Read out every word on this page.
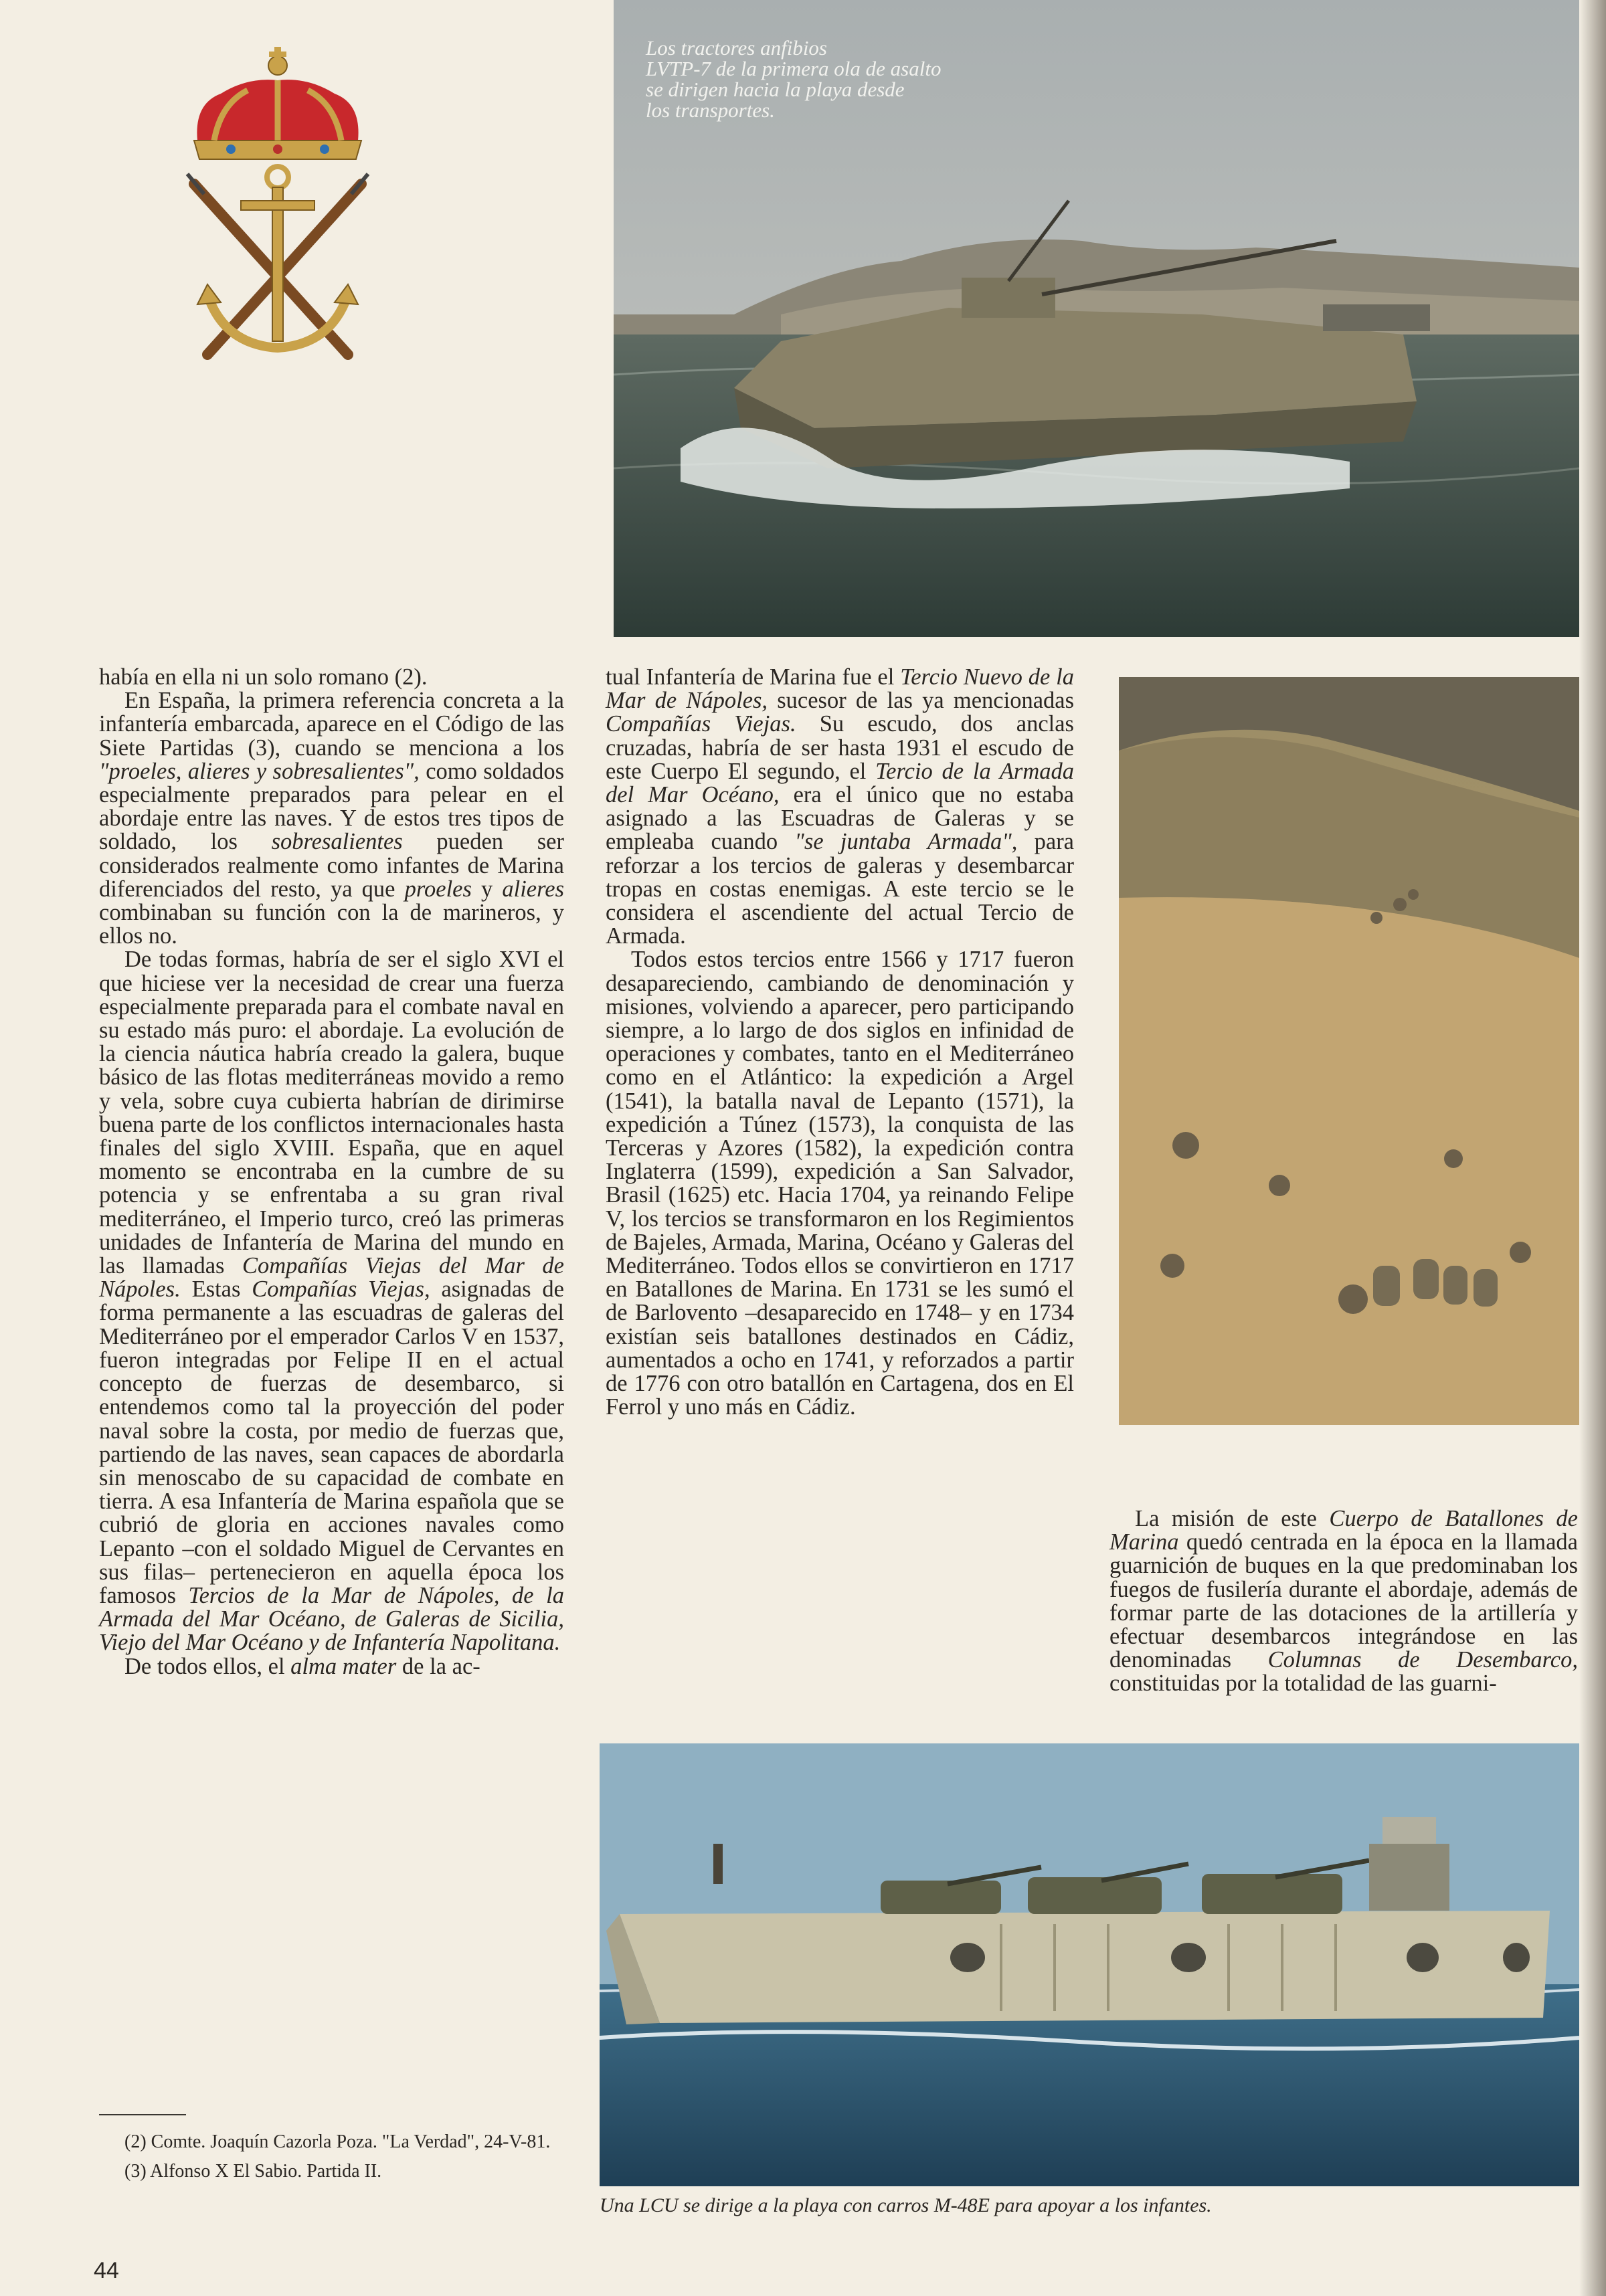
Los tractores anfibios
LVTP-7 de la primera ola de asalto
se dirigen hacia la playa desde
los transportes.
Una LCU se dirige a la playa con carros M-48E para apoyar a los infantes.

había en ella ni un solo romano (2).

En España, la primera referencia concreta a la infantería embarcada, aparece en el Código de las Siete Partidas (3), cuando se menciona a los "proeles, alieres y sobresalientes", como soldados especialmente preparados para pelear en el abordaje entre las naves. Y de estos tres tipos de soldado, los sobresalientes pueden ser considerados realmente como infantes de Marina diferenciados del resto, ya que proeles y alieres combinaban su función con la de marineros, y ellos no.

De todas formas, habría de ser el siglo XVI el que hiciese ver la necesidad de crear una fuerza especialmente preparada para el combate naval en su estado más puro: el abordaje. La evolución de la ciencia náutica habría creado la galera, buque básico de las flotas mediterráneas movido a remo y vela, sobre cuya cubierta habrían de dirimirse buena parte de los conflictos internacionales hasta finales del siglo XVIII. España, que en aquel momento se encontraba en la cumbre de su potencia y se enfrentaba a su gran rival mediterráneo, el Imperio turco, creó las primeras unidades de Infantería de Marina del mundo en las llamadas Compañías Viejas del Mar de Nápoles. Estas Compañías Viejas, asignadas de forma permanente a las escuadras de galeras del Mediterráneo por el emperador Carlos V en 1537, fueron integradas por Felipe II en el actual concepto de fuerzas de desembarco, si entendemos como tal la proyección del poder naval sobre la costa, por medio de fuerzas que, partiendo de las naves, sean capaces de abordarla sin menoscabo de su capacidad de combate en tierra. A esa Infantería de Marina española que se cubrió de gloria en acciones navales como Lepanto –con el soldado Miguel de Cervantes en sus filas– pertenecieron en aquella época los famosos Tercios de la Mar de Nápoles, de la Armada del Mar Océano, de Galeras de Sicilia, Viejo del Mar Océano y de Infantería Napolitana.

De todos ellos, el alma mater de la ac-

tual Infantería de Marina fue el Tercio Nuevo de la Mar de Nápoles, sucesor de las ya mencionadas Compañías Viejas. Su escudo, dos anclas cruzadas, habría de ser hasta 1931 el escudo de este Cuerpo El segundo, el Tercio de la Armada del Mar Océano, era el único que no estaba asignado a las Escuadras de Galeras y se empleaba cuando "se juntaba Armada", para reforzar a los tercios de galeras y desembarcar tropas en costas enemigas. A este tercio se le considera el ascendiente del actual Tercio de Armada.

Todos estos tercios entre 1566 y 1717 fueron desapareciendo, cambiando de denominación y misiones, volviendo a aparecer, pero participando siempre, a lo largo de dos siglos en infinidad de operaciones y combates, tanto en el Mediterráneo como en el Atlántico: la expedición a Argel (1541), la batalla naval de Lepanto (1571), la expedición a Túnez (1573), la conquista de las Terceras y Azores (1582), la expedición contra Inglaterra (1599), expedición a San Salvador, Brasil (1625) etc. Hacia 1704, ya reinando Felipe V, los tercios se transformaron en los Regimientos de Bajeles, Armada, Marina, Océano y Galeras del Mediterráneo. Todos ellos se convirtieron en 1717 en Batallones de Marina. En 1731 se les sumó el de Barlovento –desaparecido en 1748– y en 1734 existían seis batallones destinados en Cádiz, aumentados a ocho en 1741, y reforzados a partir de 1776 con otro batallón en Cartagena, dos en El Ferrol y uno más en Cádiz.

La misión de este Cuerpo de Batallones de Marina quedó centrada en la época en la llamada guarnición de buques en la que predominaban los fuegos de fusilería durante el abordaje, además de formar parte de las dotaciones de la artillería y efectuar desembarcos integrándose en las denominadas Columnas de Desembarco, constituidas por la totalidad de las guarni-

(2) Comte. Joaquín Cazorla Poza. "La Verdad", 24-V-81.

(3) Alfonso X El Sabio. Partida II.

44
